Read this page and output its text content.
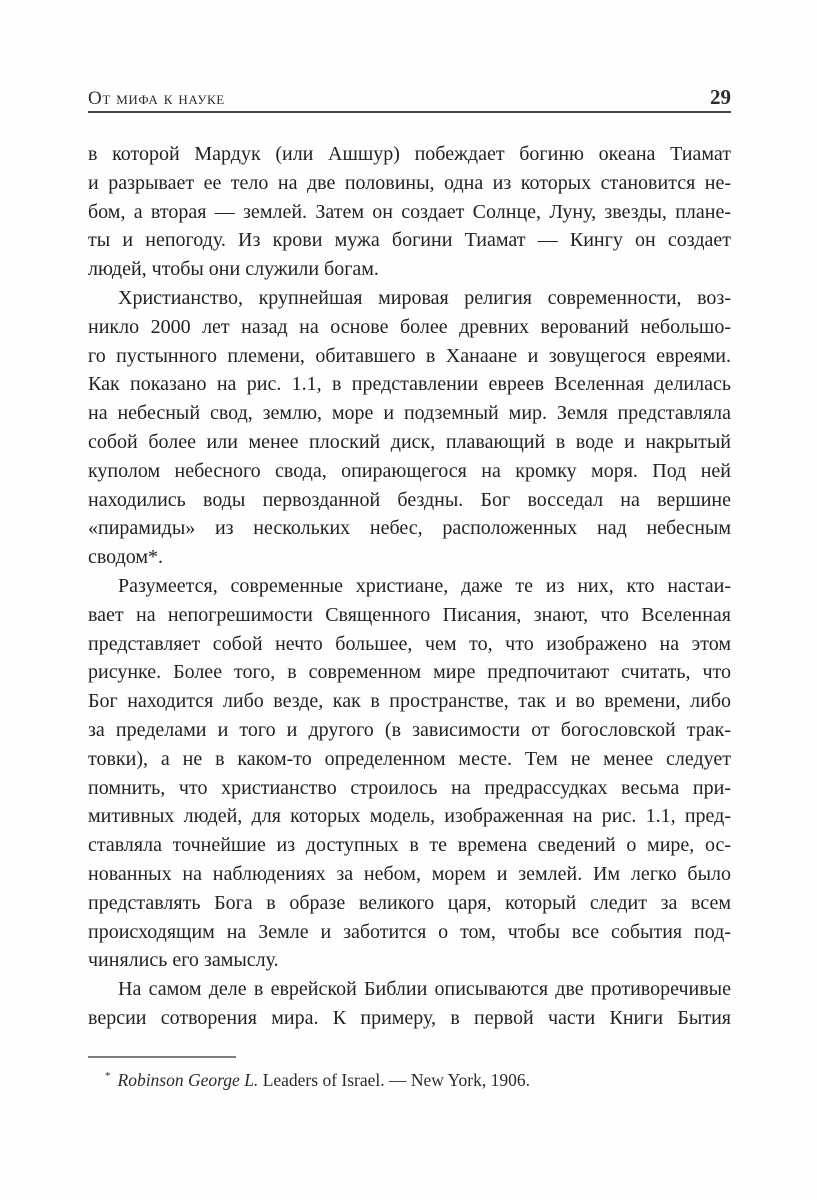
От мифа к науке	29
в которой Мардук (или Ашшур) побеждает богиню океана Тиамат
и разрывает ее тело на две половины, одна из которых становится не-
бом, а вторая — землей. Затем он создает Солнце, Луну, звезды, плане-
ты и непогоду. Из крови мужа богини Тиамат — Кингу он создает
людей, чтобы они служили богам.
Христианство, крупнейшая мировая религия современности, воз-
никло 2000 лет назад на основе более древних верований небольшо-
го пустынного племени, обитавшего в Ханаане и зовущегося евреями.
Как показано на рис. 1.1, в представлении евреев Вселенная делилась
на небесный свод, землю, море и подземный мир. Земля представляла
собой более или менее плоский диск, плавающий в воде и накрытый
куполом небесного свода, опирающегося на кромку моря. Под ней
находились воды первозданной бездны. Бог восседал на вершине
«пирамиды» из нескольких небес, расположенных над небесным
сводом*.
Разумеется, современные христиане, даже те из них, кто настаи-
вает на непогрешимости Священного Писания, знают, что Вселенная
представляет собой нечто большее, чем то, что изображено на этом
рисунке. Более того, в современном мире предпочитают считать, что
Бог находится либо везде, как в пространстве, так и во времени, либо
за пределами и того и другого (в зависимости от богословской трак-
товки), а не в каком-то определенном месте. Тем не менее следует
помнить, что христианство строилось на предрассудках весьма при-
митивных людей, для которых модель, изображенная на рис. 1.1, пред-
ставляла точнейшие из доступных в те времена сведений о мире, ос-
нованных на наблюдениях за небом, морем и землей. Им легко было
представлять Бога в образе великого царя, который следит за всем
происходящим на Земле и заботится о том, чтобы все события под-
чинялись его замыслу.
На самом деле в еврейской Библии описываются две противоречивые
версии сотворения мира. К примеру, в первой части Книги Бытия
* Robinson George L. Leaders of Israel. — New York, 1906.
